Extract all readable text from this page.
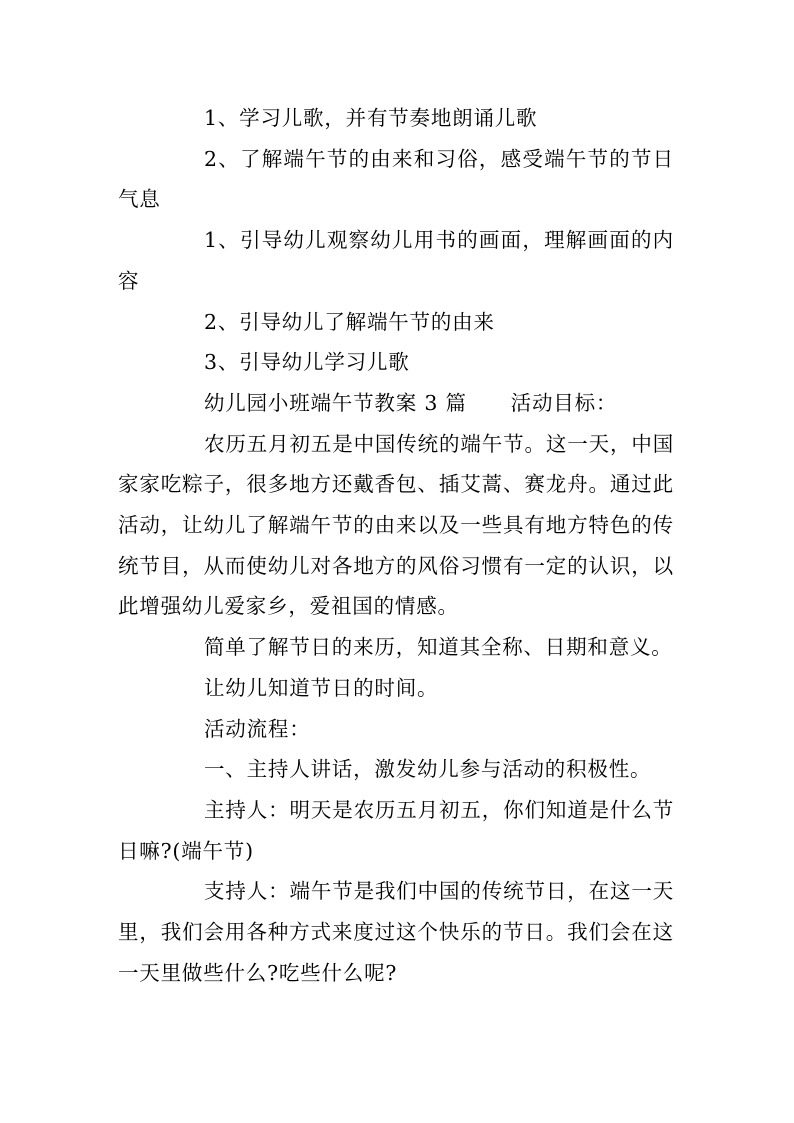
1、学习儿歌，并有节奏地朗诵儿歌

2、了解端午节的由来和习俗，感受端午节的节日气息

1、引导幼儿观察幼儿用书的画面，理解画面的内容

2、引导幼儿了解端午节的由来

3、引导幼儿学习儿歌

幼儿园小班端午节教案 3 篇      活动目标：

农历五月初五是中国传统的端午节。这一天，中国家家吃粽子，很多地方还戴香包、插艾蒿、赛龙舟。通过此活动，让幼儿了解端午节的由来以及一些具有地方特色的传统节目，从而使幼儿对各地方的风俗习惯有一定的认识，以此增强幼儿爱家乡，爱祖国的情感。

简单了解节日的来历，知道其全称、日期和意义。

让幼儿知道节日的时间。

活动流程：

一、主持人讲话，激发幼儿参与活动的积极性。

主持人：明天是农历五月初五，你们知道是什么节日嘛?(端午节)

支持人：端午节是我们中国的传统节日，在这一天里，我们会用各种方式来度过这个快乐的节日。我们会在这一天里做些什么?吃些什么呢?
